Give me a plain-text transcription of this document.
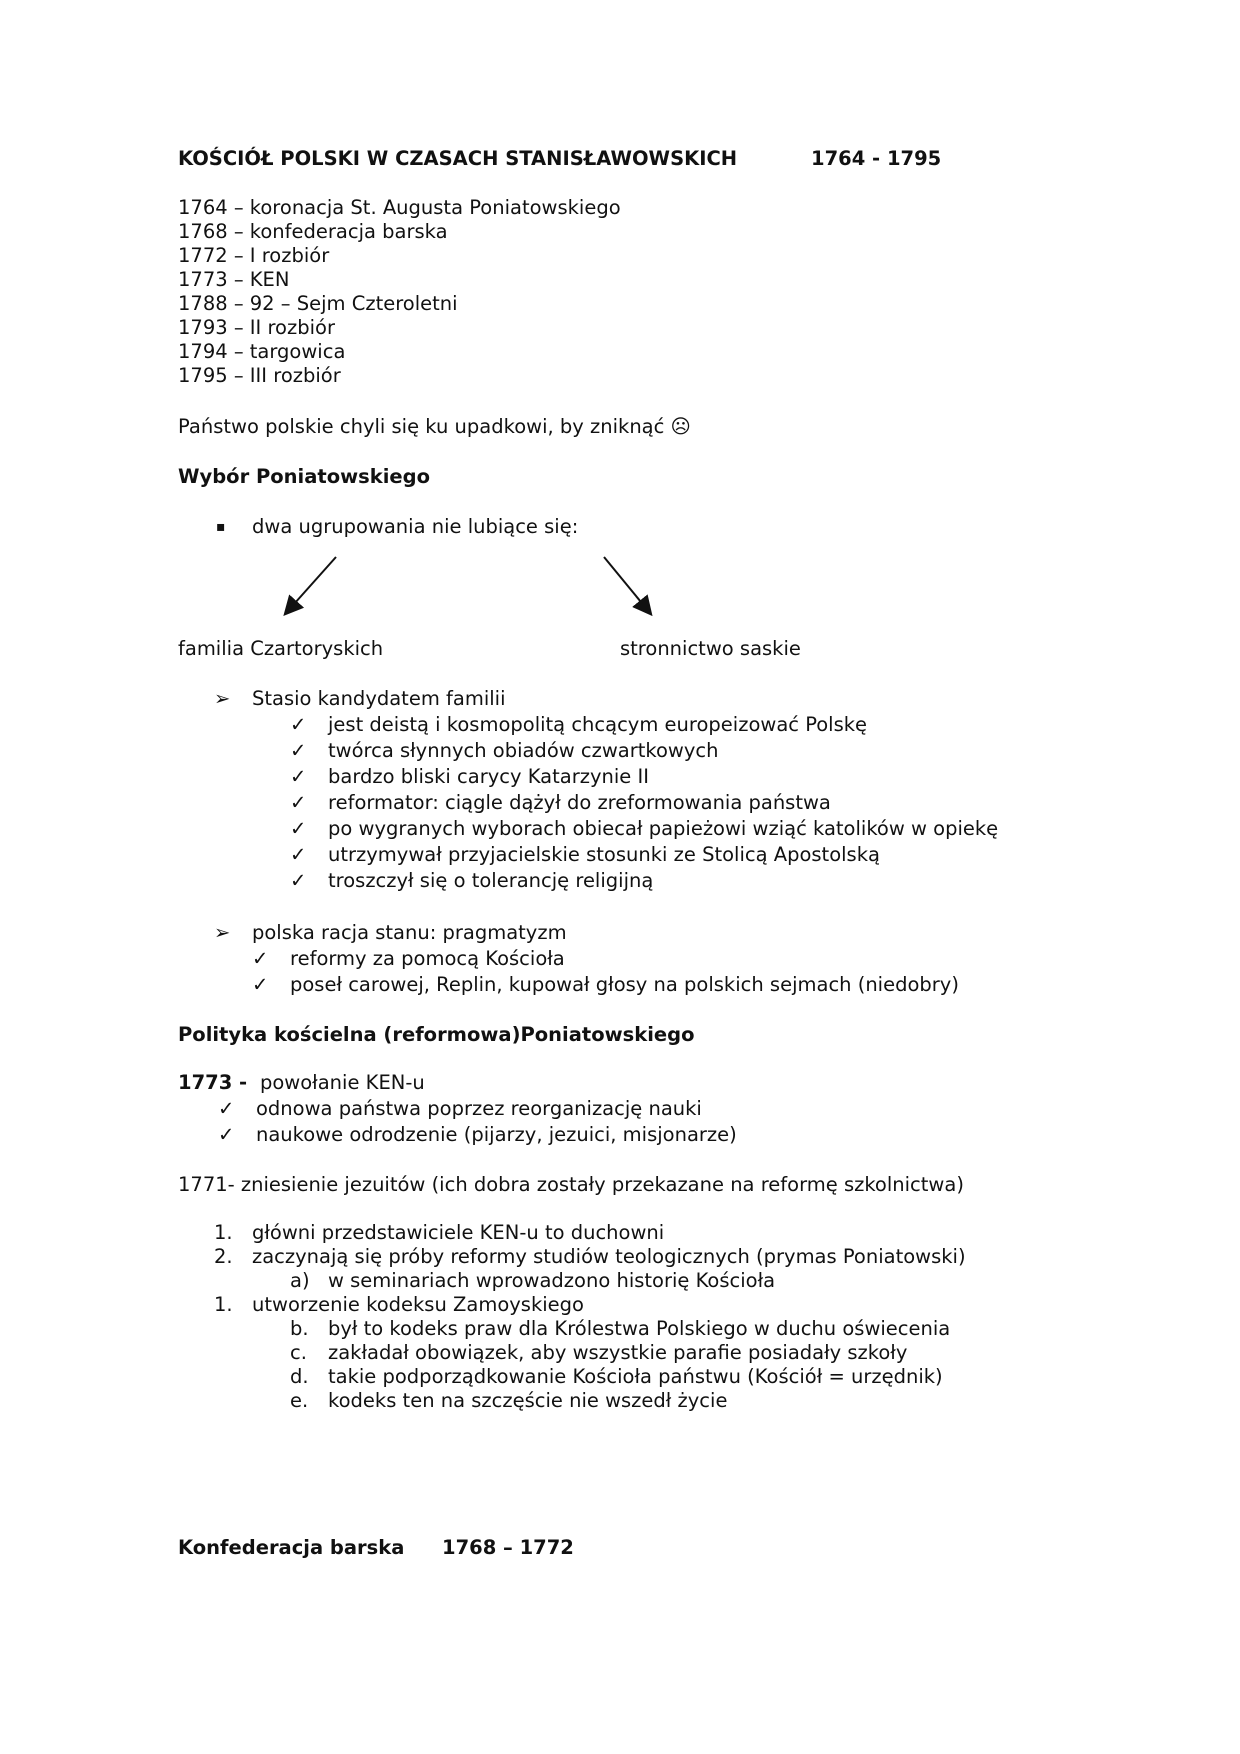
KOŚCIÓŁ POLSKI W CZASACH STANISŁAWOWSKICH	1764 - 1795
1764 – koronacja St. Augusta Poniatowskiego
1768 – konfederacja barska
1772 – I rozbiór
1773 – KEN
1788 – 92 – Sejm Czteroletni
1793 – II rozbiór
1794 – targowica
1795 – III rozbiór
Państwo polskie chyli się ku upadkowi, by zniknąć ☹
Wybór Poniatowskiego
▪ dwa ugrupowania nie lubiące się:
familia Czartoryskich	stronnictwo saskie
➢ Stasio kandydatem familii
✓ jest deistą i kosmopolitą chcącym europeizować Polskę
✓ twórca słynnych obiadów czwartkowych
✓ bardzo bliski carycy Katarzynie II
✓ reformator: ciągle dążył do zreformowania państwa
✓ po wygranych wyborach obiecał papieżowi wziąć katolików w opiekę
✓ utrzymywał przyjacielskie stosunki ze Stolicą Apostolską
✓ troszczył się o tolerancję religijną
➢ polska racja stanu: pragmatyzm
✓ reformy za pomocą Kościoła
✓ poseł carowej, Replin, kupował głosy na polskich sejmach (niedobry)
Polityka kościelna (reformowa)Poniatowskiego
1773 - powołanie KEN-u
✓ odnowa państwa poprzez reorganizację nauki
✓ naukowe odrodzenie (pijarzy, jezuici, misjonarze)
1771- zniesienie jezuitów (ich dobra zostały przekazane na reformę szkolnictwa)
1. główni przedstawiciele KEN-u to duchowni
2. zaczynają się próby reformy studiów teologicznych (prymas Poniatowski)
a) w seminariach wprowadzono historię Kościoła
1. utworzenie kodeksu Zamoyskiego
b. był to kodeks praw dla Królestwa Polskiego w duchu oświecenia
c. zakładał obowiązek, aby wszystkie parafie posiadały szkoły
d. takie podporządkowanie Kościoła państwu (Kościół = urzędnik)
e. kodeks ten na szczęście nie wszedł życie
Konfederacja barska 1768 – 1772
